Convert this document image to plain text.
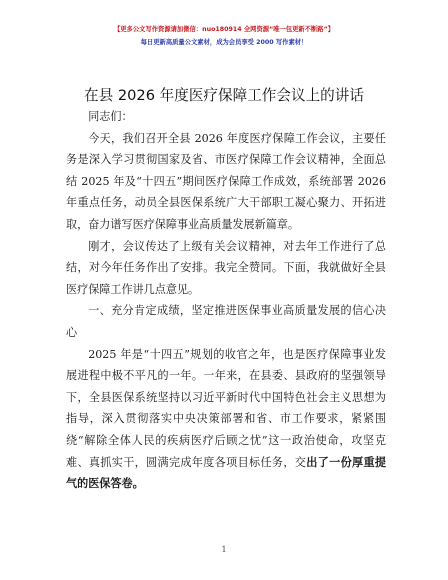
【更多公文写作资源请加微信：nuo180914 全网资源“唯一包更新不断路”】
每日更新高质量公文素材，成为会员享受 2000 写作素材！
在县 2026 年度医疗保障工作会议上的讲话
同志们：

今天，我们召开全县 2026 年度医疗保障工作会议，主要任务是深入学习贯彻国家及省、市医疗保障工作会议精神，全面总结 2025 年及“十四五”期间医疗保障工作成效，系统部署 2026 年重点任务，动员全县医保系统广大干部职工凝心聚力、开拓进取，奋力谱写医疗保障事业高质量发展新篇章。

刚才，会议传达了上级有关会议精神，对去年工作进行了总结，对今年任务作出了安排。我完全赞同。下面，我就做好全县医疗保障工作讲几点意见。

一、充分肯定成绩，坚定推进医保事业高质量发展的信心决心

2025 年是“十四五”规划的收官之年，也是医疗保障事业发展进程中极不平凡的一年。一年来，在县委、县政府的坚强领导下，全县医保系统坚持以习近平新时代中国特色社会主义思想为指导，深入贯彻落实中央决策部署和省、市工作要求，紧紧围绕“解除全体人民的疾病医疗后顾之忧”这一政治使命，攻坚克难、真抓实干，圆满完成年度各项目标任务，交出了一份厚重提气的医保答卷。

1
